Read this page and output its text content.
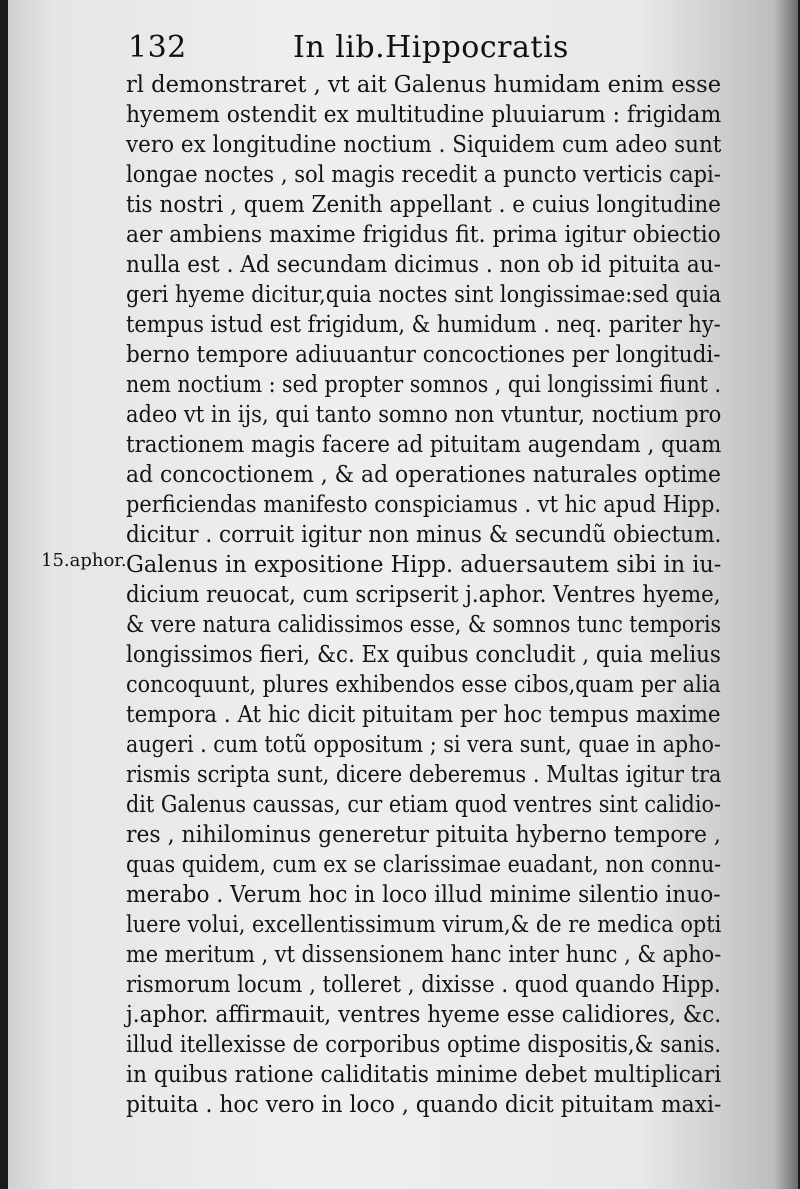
132	In lib.Hippocratis
15.aphor.
rl demonstraret , vt ait Galenus humidam enim esse
hyemem ostendit ex multitudine pluuiarum : frigidam
vero ex longitudine noctium . Siquidem cum adeo sunt
longae noctes , sol magis recedit a puncto verticis capi-
tis nostri , quem Zenith appellant . e cuius longitudine
aer ambiens maxime frigidus fit. prima igitur obiectio
nulla est . Ad secundam dicimus . non ob id pituita au-
geri hyeme dicitur,quia noctes sint longissimae:sed quia
tempus istud est frigidum, & humidum . neq. pariter hy-
berno tempore adiuuantur concoctiones per longitudi-
nem noctium : sed propter somnos , qui longissimi fiunt .
adeo vt in ijs, qui tanto somno non vtuntur, noctium pro
tractionem magis facere ad pituitam augendam , quam
ad concoctionem , & ad operationes naturales optime
perficiendas manifesto conspiciamus . vt hic apud Hipp.
dicitur . corruit igitur non minus & secundũ obiectum.
Galenus in expositione Hipp. aduersautem sibi in iu-
dicium reuocat, cum scripserit j.aphor. Ventres hyeme,
& vere natura calidissimos esse, & somnos tunc temporis
longissimos fieri, &c. Ex quibus concludit , quia melius
concoquunt, plures exhibendos esse cibos,quam per alia
tempora . At hic dicit pituitam per hoc tempus maxime
augeri . cum totũ oppositum ; si vera sunt, quae in apho-
rismis scripta sunt, dicere deberemus . Multas igitur tra
dit Galenus caussas, cur etiam quod ventres sint calidio-
res , nihilominus generetur pituita hyberno tempore ,
quas quidem, cum ex se clarissimae euadant, non connu-
merabo . Verum hoc in loco illud minime silentio inuo-
luere volui, excellentissimum virum,& de re medica opti
me meritum , vt dissensionem hanc inter hunc , & apho-
rismorum locum , tolleret , dixisse . quod quando Hipp.
j.aphor. affirmauit, ventres hyeme esse calidiores, &c.
illud itellexisse de corporibus optime dispositis,& sanis.
in quibus ratione caliditatis minime debet multiplicari
pituita . hoc vero in loco , quando dicit pituitam maxi-
